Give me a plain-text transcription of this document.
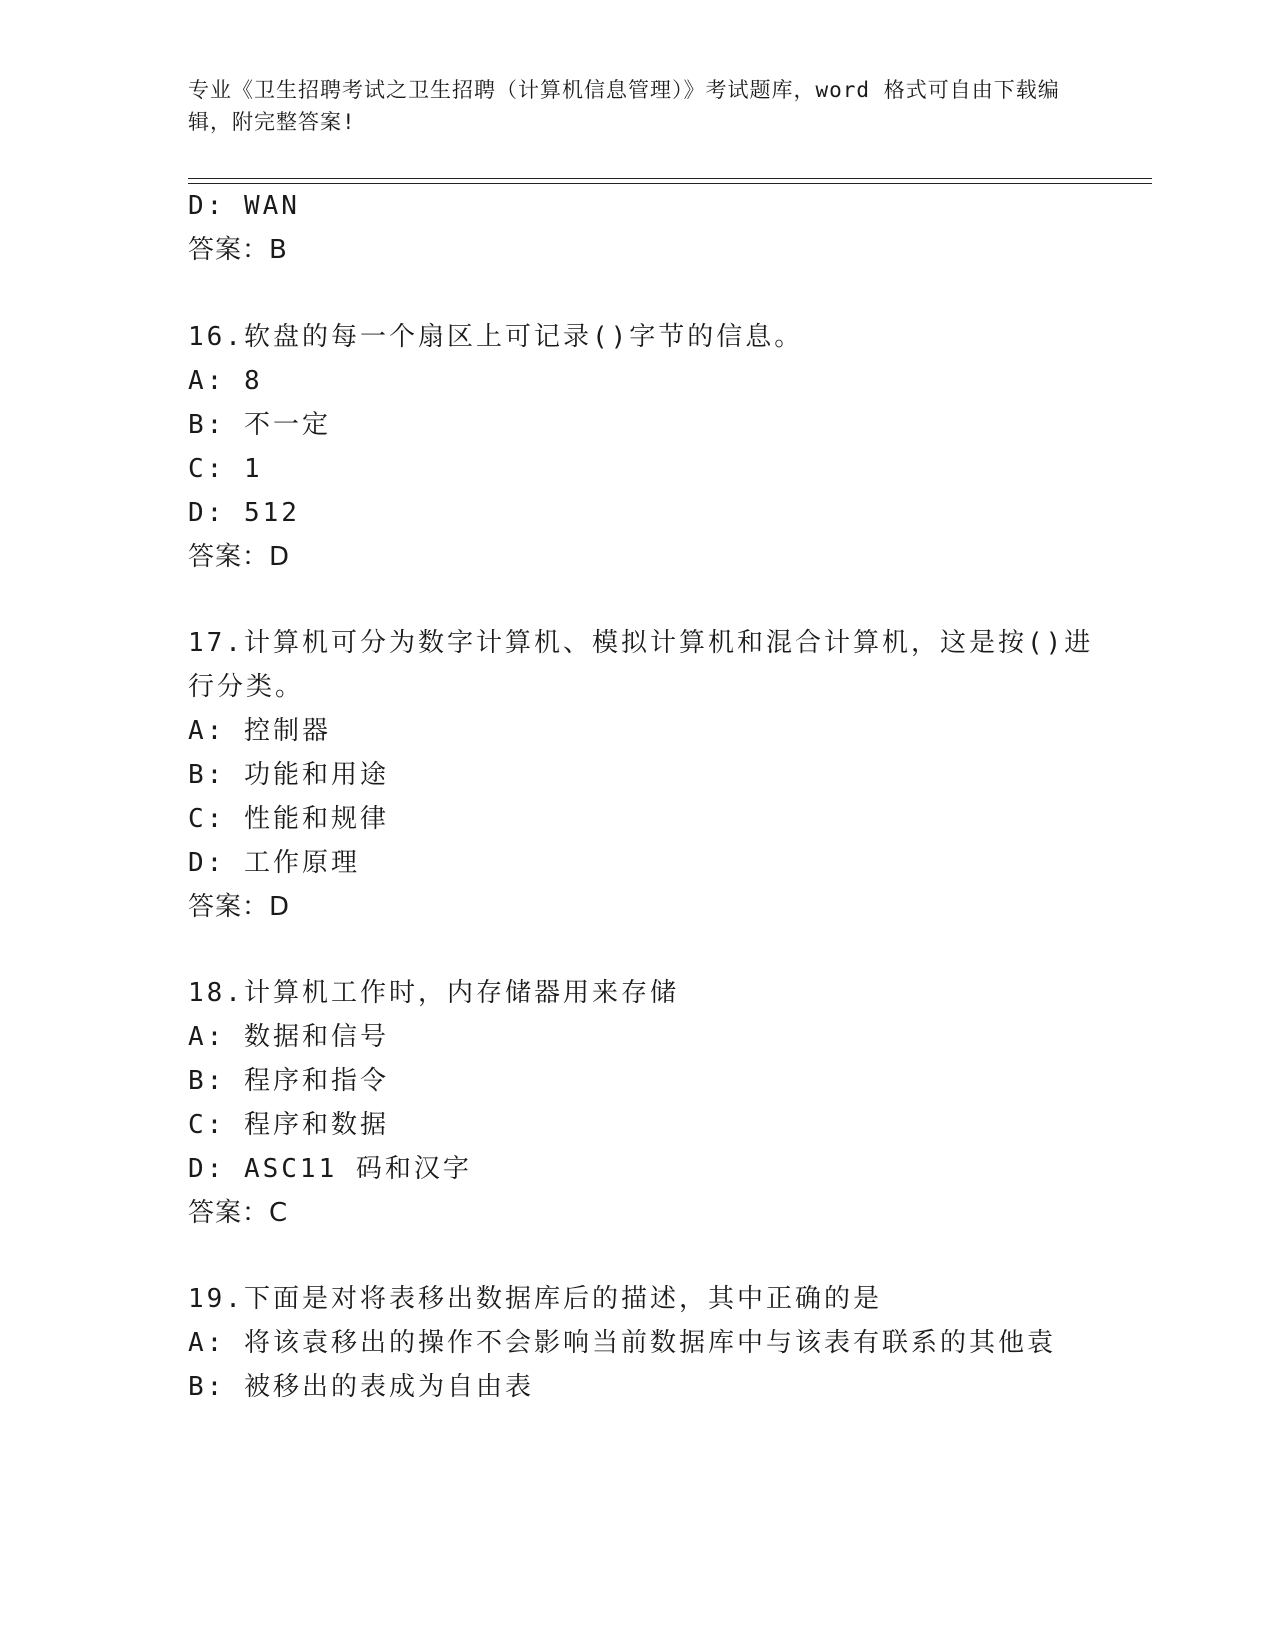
专业《卫生招聘考试之卫生招聘（计算机信息管理）》考试题库，word 格式可自由下载编辑，附完整答案!
D: WAN
答案：B
16.软盘的每一个扇区上可记录()字节的信息。
A: 8
B: 不一定
C: 1
D: 512
答案：D
17.计算机可分为数字计算机、模拟计算机和混合计算机，这是按()进
行分类。
A: 控制器
B: 功能和用途
C: 性能和规律
D: 工作原理
答案：D
18.计算机工作时，内存储器用来存储
A: 数据和信号
B: 程序和指令
C: 程序和数据
D: ASC11 码和汉字
答案：C
19.下面是对将表移出数据库后的描述，其中正确的是
A: 将该袁移出的操作不会影响当前数据库中与该表有联系的其他袁
B: 被移出的表成为自由表
